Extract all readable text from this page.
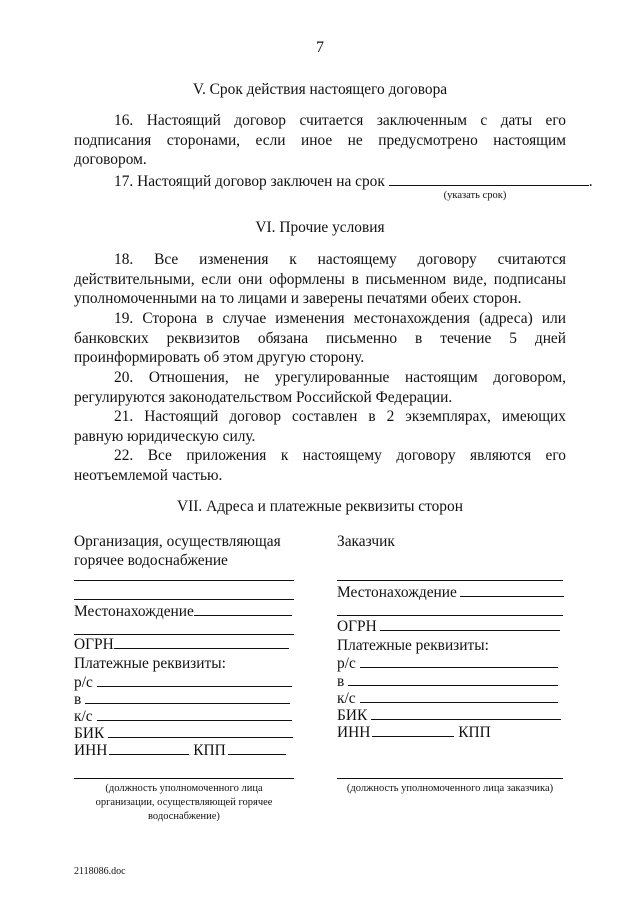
7
V. Срок действия настоящего договора
16. Настоящий договор считается заключенным с даты его подписания сторонами, если иное не предусмотрено настоящим договором.
17. Настоящий договор заключен на срок	.
(указать срок)
VI. Прочие условия
18. Все изменения к настоящему договору считаются действительными, если они оформлены в письменном виде, подписаны уполномоченными на то лицами и заверены печатями обеих сторон.
19. Сторона в случае изменения местонахождения (адреса) или банковских реквизитов обязана письменно в течение 5 дней проинформировать об этом другую сторону.
20. Отношения, не урегулированные настоящим договором, регулируются законодательством Российской Федерации.
21. Настоящий договор составлен в 2 экземплярах, имеющих равную юридическую силу.
22. Все приложения к настоящему договору являются его неотъемлемой частью.
VII. Адреса и платежные реквизиты сторон
Организация, осуществляющая
горячее водоснабжение
Местонахождение
ОГРН
Платежные реквизиты:
р/с
в
к/с
БИК
ИНН	КПП
(должность уполномоченного лица
организации, осуществляющей горячее
водоснабжение)
Заказчик
Местонахождение
ОГРН
Платежные реквизиты:
р/с
в
к/с
БИК
ИНН	КПП
(должность уполномоченного лица заказчика)
2118086.doc
